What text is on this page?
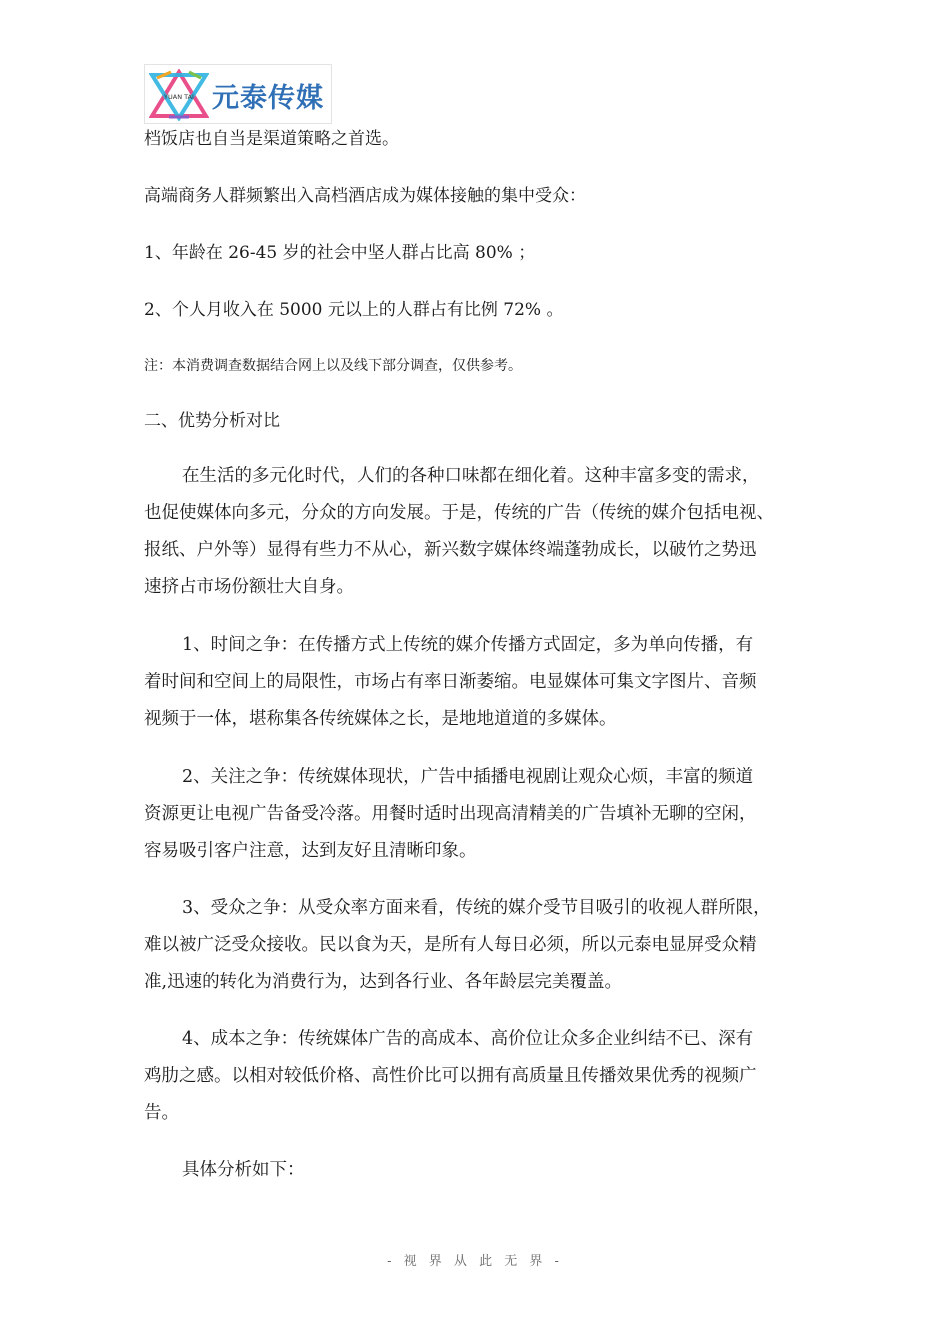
YUAN TAI 元泰传媒

档饭店也自当是渠道策略之首选。

高端商务人群频繁出入高档酒店成为媒体接触的集中受众：

1、年龄在 26-45 岁的社会中坚人群占比高 80% ；

2、个人月收入在 5000 元以上的人群占有比例 72% 。

注：本消费调查数据结合网上以及线下部分调查，仅供参考。

二、优势分析对比

在生活的多元化时代，人们的各种口味都在细化着。这种丰富多变的需求，
也促使媒体向多元，分众的方向发展。于是，传统的广告（传统的媒介包括电视、
报纸、户外等）显得有些力不从心，新兴数字媒体终端蓬勃成长，以破竹之势迅
速挤占市场份额壮大自身。
1、时间之争：在传播方式上传统的媒介传播方式固定，多为单向传播，有
着时间和空间上的局限性，市场占有率日渐萎缩。电显媒体可集文字图片、音频
视频于一体，堪称集各传统媒体之长，是地地道道的多媒体。
2、关注之争：传统媒体现状，广告中插播电视剧让观众心烦，丰富的频道
资源更让电视广告备受冷落。用餐时适时出现高清精美的广告填补无聊的空闲，
容易吸引客户注意，达到友好且清晰印象。
3、受众之争：从受众率方面来看，传统的媒介受节目吸引的收视人群所限，
难以被广泛受众接收。民以食为天，是所有人每日必须，所以元泰电显屏受众精
准,迅速的转化为消费行为，达到各行业、各年龄层完美覆盖。
4、成本之争：传统媒体广告的高成本、高价位让众多企业纠结不已、深有
鸡肋之感。以相对较低价格、高性价比可以拥有高质量且传播效果优秀的视频广
告。
具体分析如下：
- 视 界 从 此 无 界 -
